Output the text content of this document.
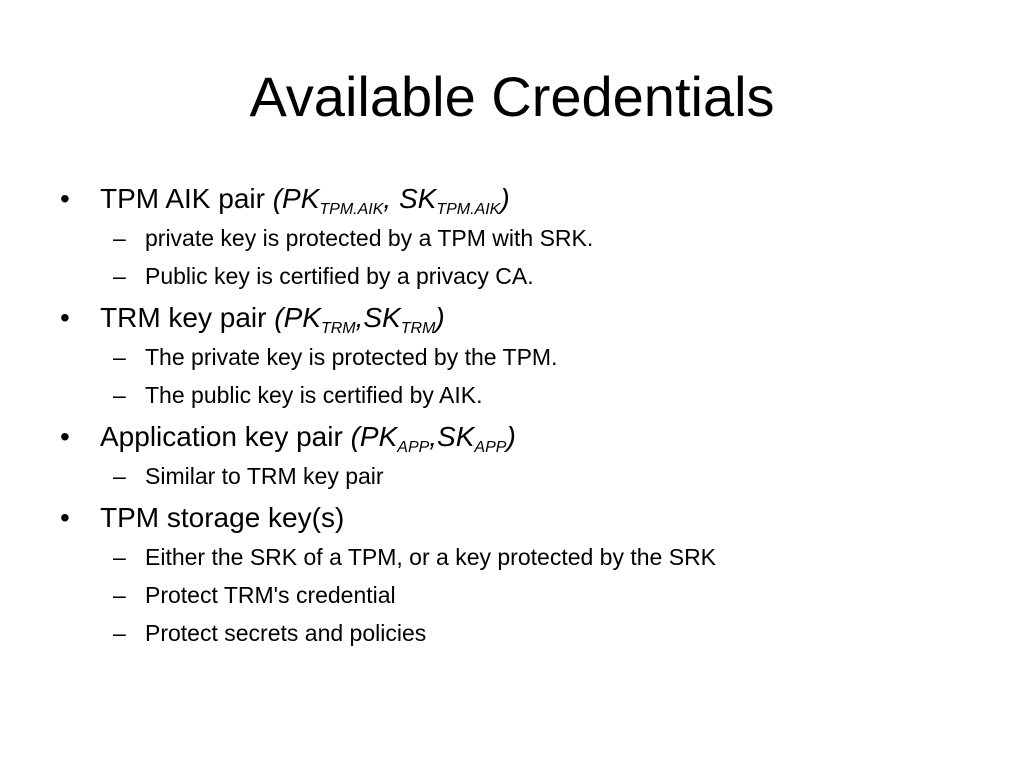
Available Credentials
•	TPM AIK pair ($PK_{TPM.AIK}$, $SK_{TPM.AIK}$)
– private key is protected by a TPM with SRK.
– Public key is certified by a privacy CA.
•	TRM key pair $(PK_{TRM},SK_{TRM})$
– The private key is protected by the TPM.
– The public key is certified by AIK.
•	Application key pair $(PK_{APP},SK_{APP})$
– Similar to TRM key pair
•	TPM storage key(s)
– Either the SRK of a TPM, or a key protected by the SRK
– Protect TRM's credential
– Protect secrets and policies
